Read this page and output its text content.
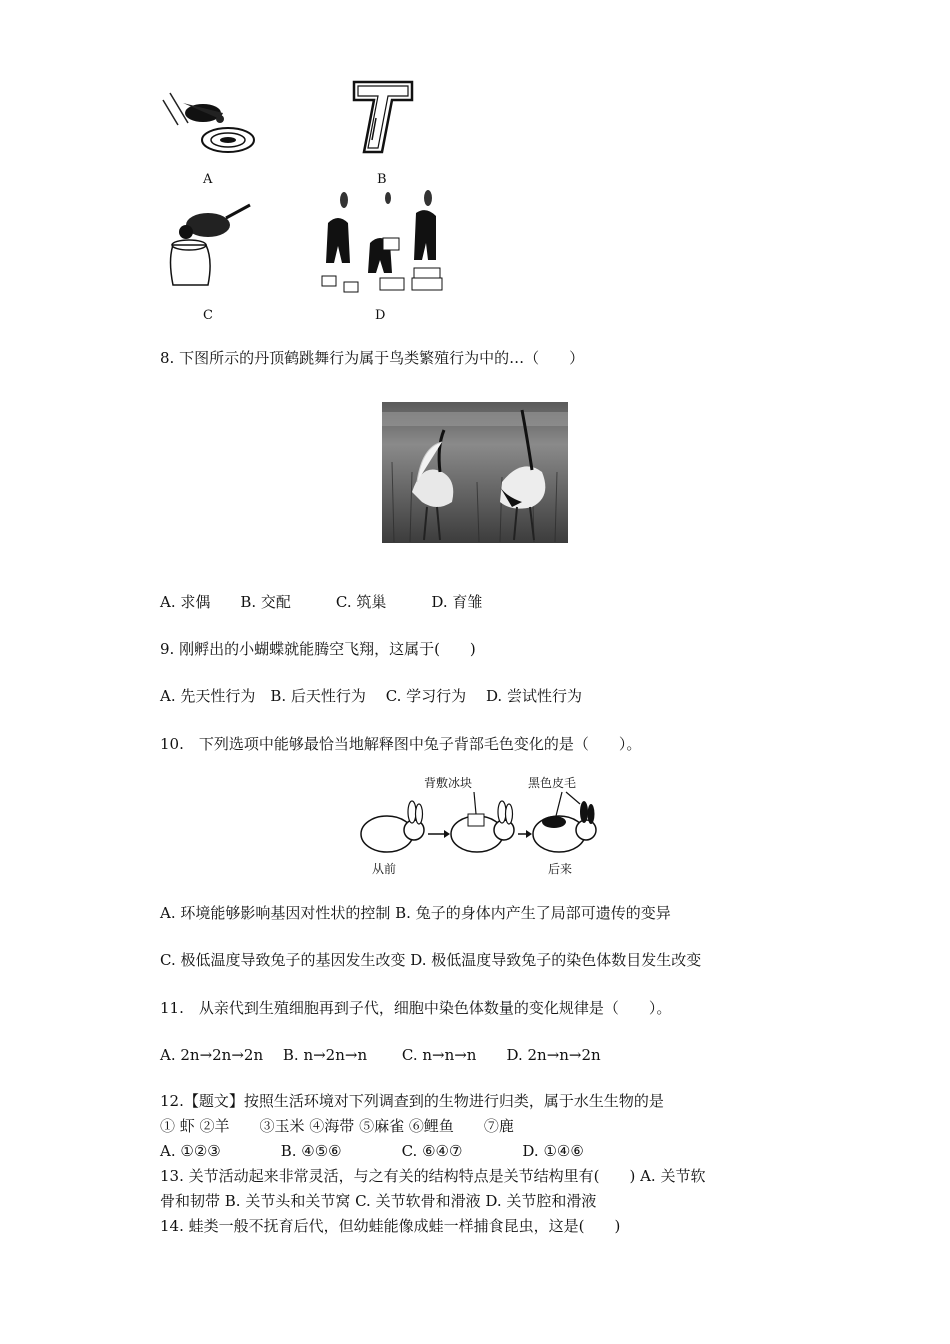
A	B
C	D
8. 下图所示的丹顶鹤跳舞行为属于鸟类繁殖行为中的…（　　）
A. 求偶　　B. 交配　　　C. 筑巢　　　D. 育雏
9. 刚孵出的小蝴蝶就能腾空飞翔，这属于(　　)
A. 先天性行为　B. 后天性行为　 C. 学习行为　 D. 尝试性行为
10.　下列选项中能够最恰当地解释图中兔子背部毛色变化的是（　　）。
背敷冰块	黑色皮毛
从前	后来
A. 环境能够影响基因对性状的控制 B. 兔子的身体内产生了局部可遗传的变异
C. 极低温度导致兔子的基因发生改变 D. 极低温度导致兔子的染色体数目发生改变
11.　从亲代到生殖细胞再到子代，细胞中染色体数量的变化规律是（　　）。
A. 2n→2n→2n　 B. n→2n→n　　 C. n→n→n　　D. 2n→n→2n
12.【题文】按照生活环境对下列调查到的生物进行归类，属于水生生物的是
① 虾 ②羊　　③玉米 ④海带 ⑤麻雀 ⑥鲤鱼　　⑦鹿
A. ①②③　　　　B. ④⑤⑥　　　　C. ⑥④⑦　　　　D. ①④⑥
13. 关节活动起来非常灵活，与之有关的结构特点是关节结构里有(　　) A. 关节软
骨和韧带 B. 关节头和关节窝 C. 关节软骨和滑液 D. 关节腔和滑液
14. 蛙类一般不抚育后代，但幼蛙能像成蛙一样捕食昆虫，这是(　　)
